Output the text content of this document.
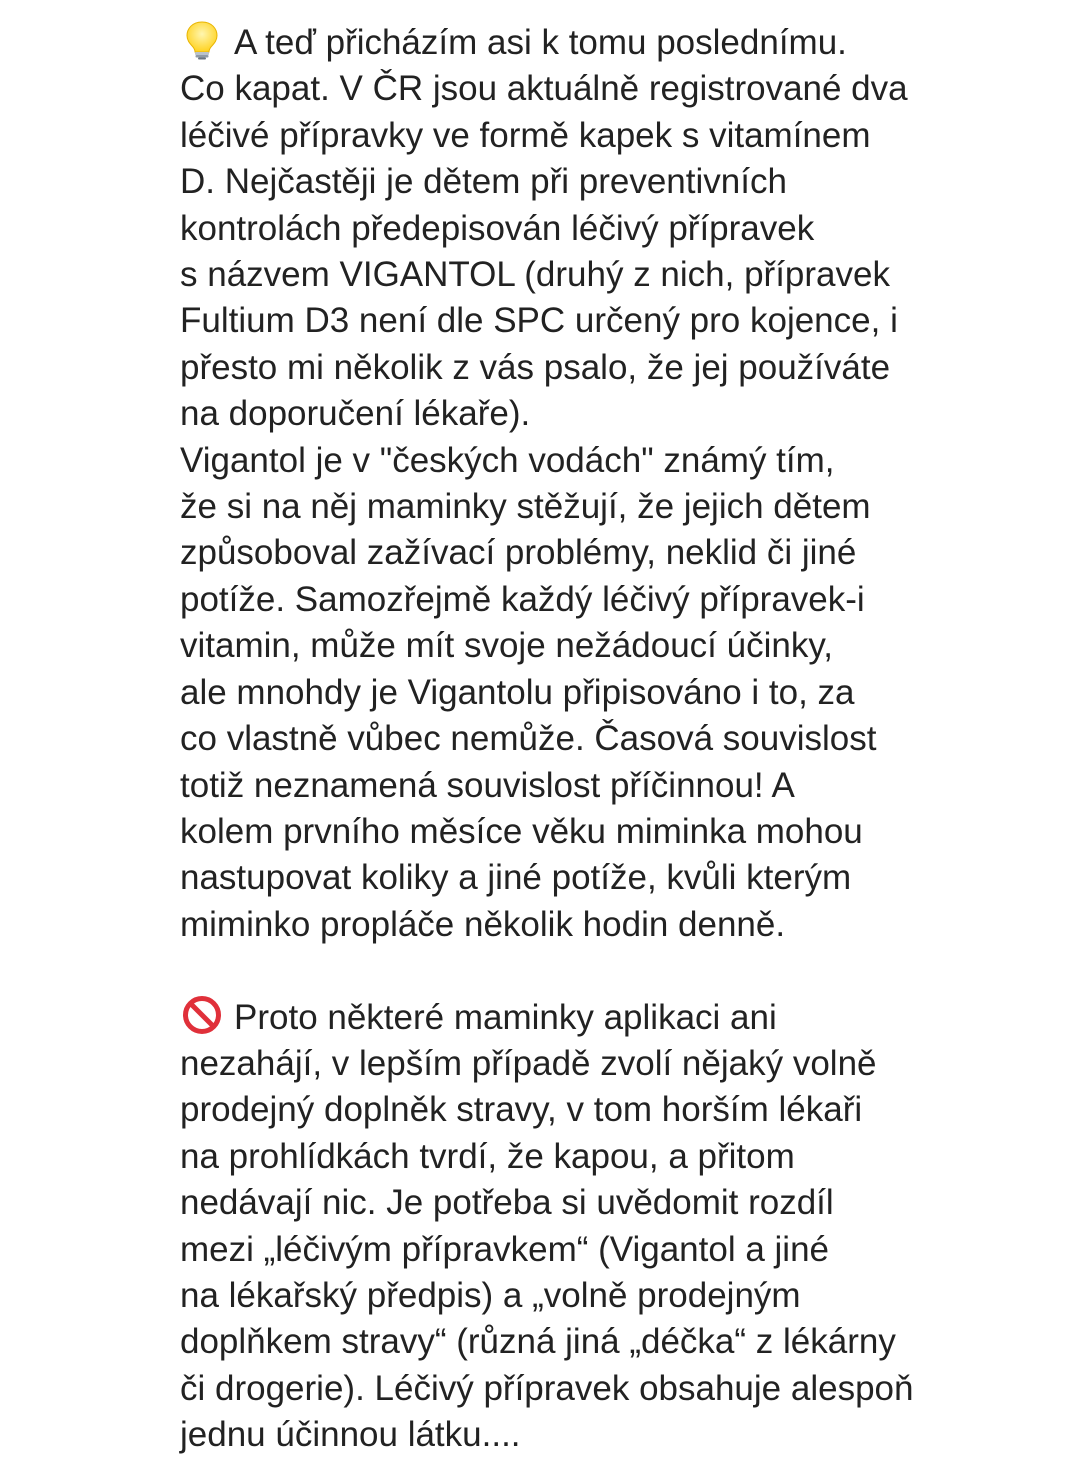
A teď přicházím asi k tomu poslednímu.
Co kapat. V ČR jsou aktuálně registrované dva
léčivé přípravky ve formě kapek s vitamínem
D. Nejčastěji je dětem při preventivních
kontrolách předepisován léčivý přípravek
s názvem VIGANTOL (druhý z nich, přípravek
Fultium D3 není dle SPC určený pro kojence, i
přesto mi několik z vás psalo, že jej používáte
na doporučení lékaře).
Vigantol je v "českých vodách" známý tím,
že si na něj maminky stěžují, že jejich dětem
způsoboval zažívací problémy, neklid či jiné
potíže. Samozřejmě každý léčivý přípravek-i
vitamin, může mít svoje nežádoucí účinky,
ale mnohdy je Vigantolu připisováno i to, za
co vlastně vůbec nemůže. Časová souvislost
totiž neznamená souvislost příčinnou! A
kolem prvního měsíce věku miminka mohou
nastupovat koliky a jiné potíže, kvůli kterým
miminko propláče několik hodin denně.

Proto některé maminky aplikaci ani
nezahájí, v lepším případě zvolí nějaký volně
prodejný doplněk stravy, v tom horším lékaři
na prohlídkách tvrdí, že kapou, a přitom
nedávají nic. Je potřeba si uvědomit rozdíl
mezi „léčivým přípravkem“ (Vigantol a jiné
na lékařský předpis) a „volně prodejným
doplňkem stravy“ (různá jiná „déčka“ z lékárny
či drogerie). Léčivý přípravek obsahuje alespoň
jednu účinnou látku....
